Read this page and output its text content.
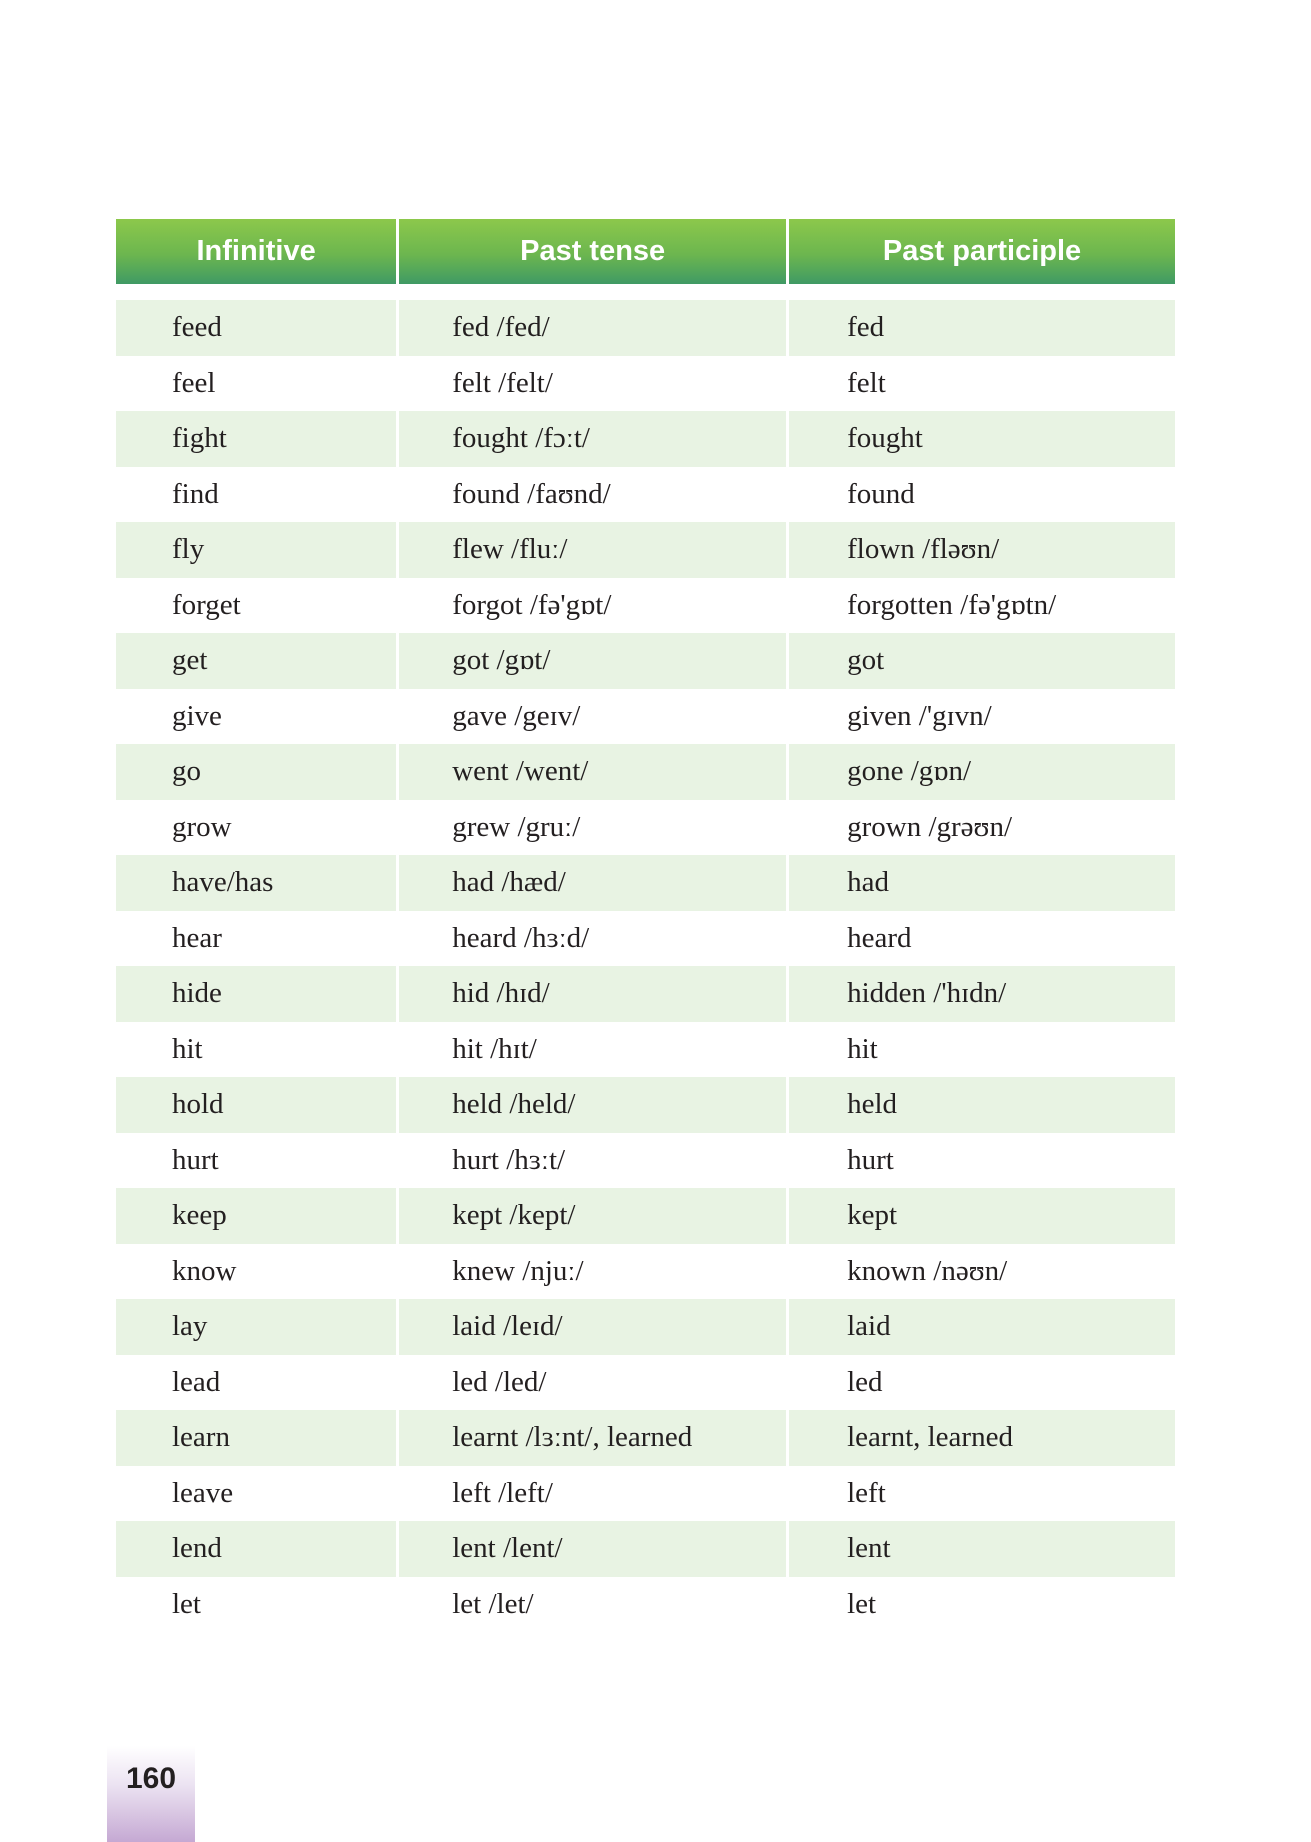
Infinitive	Past tense	Past participle
feed	fed /fed/	fed
feel	felt /felt/	felt
fight	fought /fɔːt/	fought
find	found /faʊnd/	found
fly	flew /fluː/	flown /fləʊn/
forget	forgot /fə'gɒt/	forgotten /fə'gɒtn/
get	got /gɒt/	got
give	gave /geɪv/	given /'gɪvn/
go	went /went/	gone /gɒn/
grow	grew /gruː/	grown /grəʊn/
have/has	had /hæd/	had
hear	heard /hɜːd/	heard
hide	hid /hɪd/	hidden /'hɪdn/
hit	hit /hɪt/	hit
hold	held /held/	held
hurt	hurt /hɜːt/	hurt
keep	kept /kept/	kept
know	knew /njuː/	known /nəʊn/
lay	laid /leɪd/	laid
lead	led /led/	led
learn	learnt /lɜːnt/, learned	learnt, learned
leave	left /left/	left
lend	lent /lent/	lent
let	let /let/	let
160
